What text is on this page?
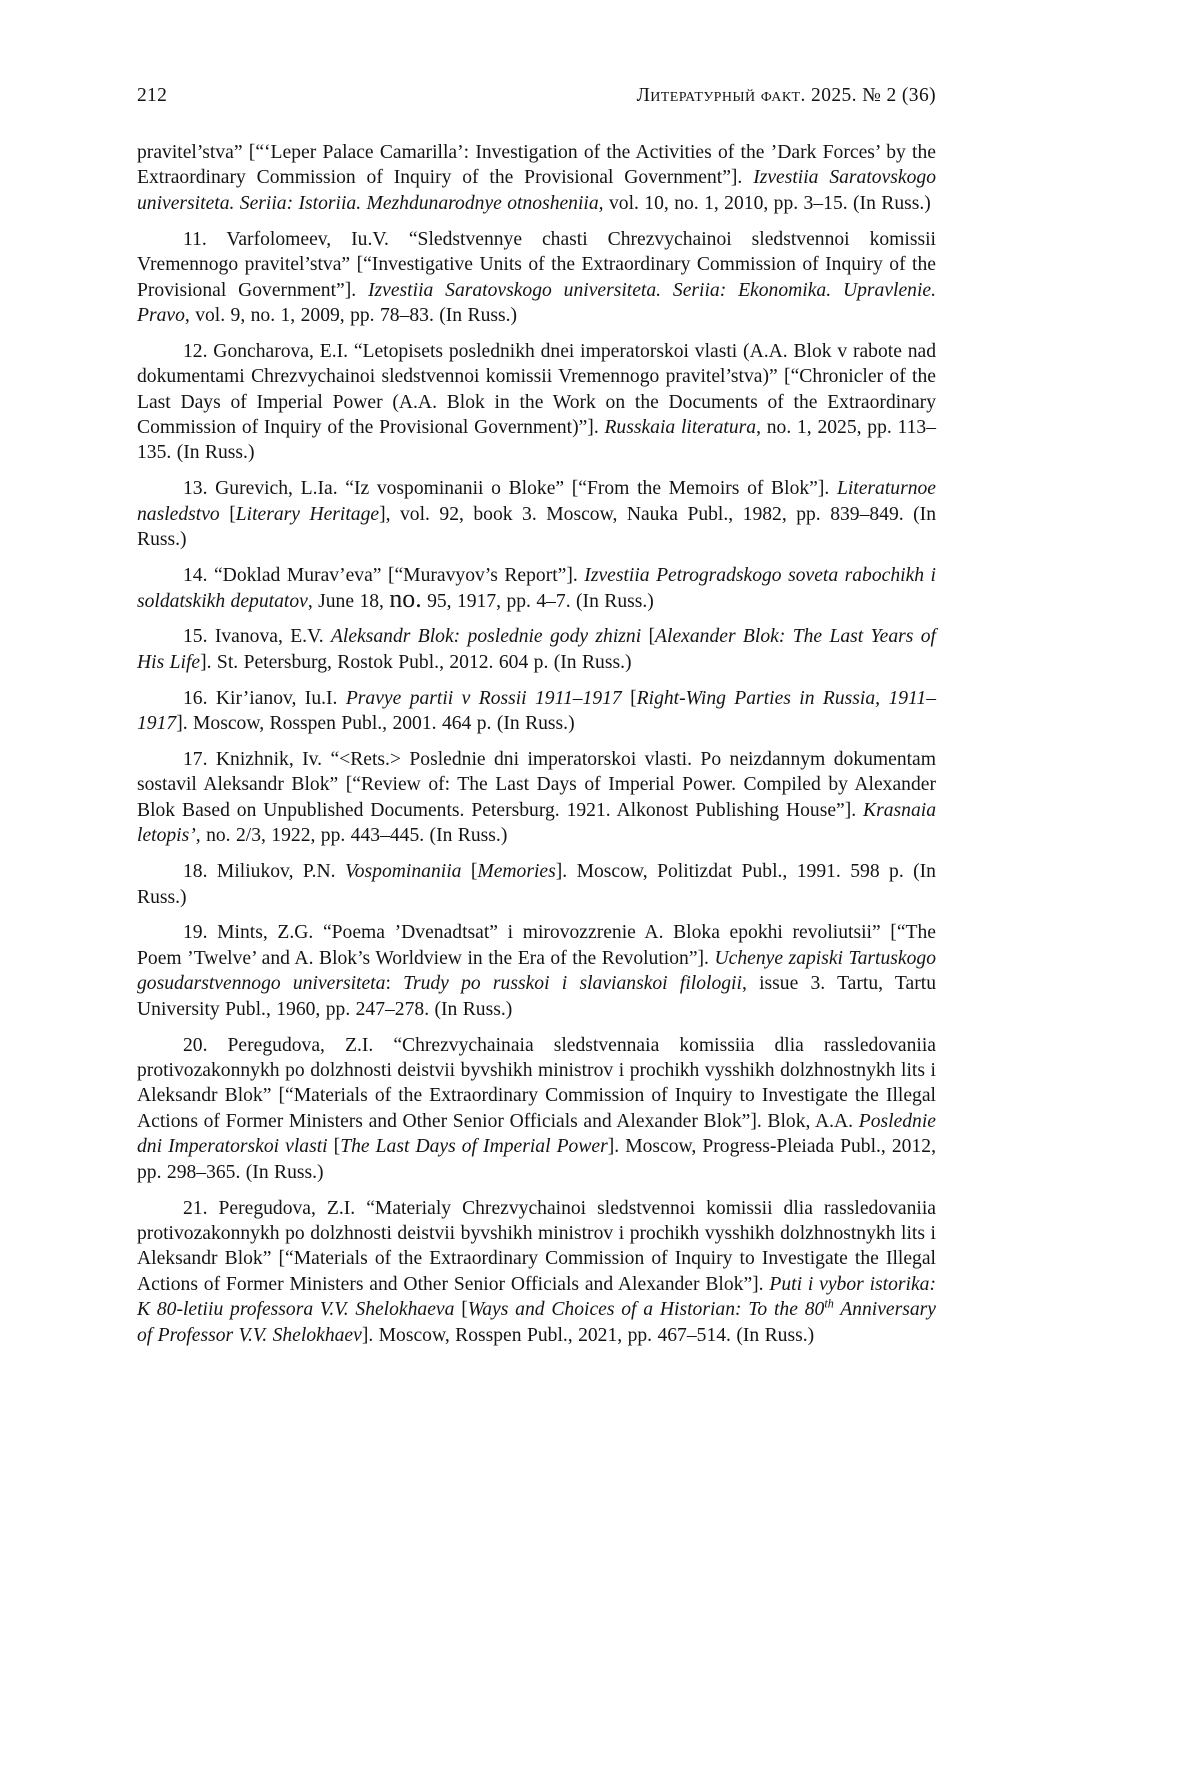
212	Литературный факт. 2025. № 2 (36)

pravitel’stva” [“‘Leper Palace Camarilla’: Investigation of the Activities of the ’Dark Forces’ by the Extraordinary Commission of Inquiry of the Provisional Government”]. Izvestiia Saratovskogo universiteta. Seriia: Istoriia. Mezhdunarodnye otnosheniia, vol. 10, no. 1, 2010, pp. 3–15. (In Russ.)

11. Varfolomeev, Iu.V. “Sledstvennye chasti Chrezvychainoi sledstvennoi komissii Vremennogo pravitel’stva” [“Investigative Units of the Extraordinary Commission of Inquiry of the Provisional Government”]. Izvestiia Saratovskogo universiteta. Seriia: Ekonomika. Upravlenie. Pravo, vol. 9, no. 1, 2009, pp. 78–83. (In Russ.)

12. Goncharova, E.I. “Letopisets poslednikh dnei imperatorskoi vlasti (A.A. Blok v rabote nad dokumentami Chrezvychainoi sledstvennoi komissii Vremennogo pravitel’stva)” [“Chronicler of the Last Days of Imperial Power (A.A. Blok in the Work on the Documents of the Extraordinary Commission of Inquiry of the Provisional Government)”]. Russkaia literatura, no. 1, 2025, pp. 113–135. (In Russ.)

13. Gurevich, L.Ia. “Iz vospominanii o Bloke” [“From the Memoirs of Blok”]. Literaturnoe nasledstvo [Literary Heritage], vol. 92, book 3. Moscow, Nauka Publ., 1982, pp. 839–849. (In Russ.)

14. “Doklad Murav’eva” [“Muravyov’s Report”]. Izvestiia Petrogradskogo soveta rabochikh i soldatskikh deputatov, June 18, no. 95, 1917, pp. 4–7. (In Russ.)

15. Ivanova, E.V. Aleksandr Blok: poslednie gody zhizni [Alexander Blok: The Last Years of His Life]. St. Petersburg, Rostok Publ., 2012. 604 p. (In Russ.)

16. Kir’ianov, Iu.I. Pravye partii v Rossii 1911–1917 [Right-Wing Parties in Russia, 1911–1917]. Moscow, Rosspen Publ., 2001. 464 p. (In Russ.)

17. Knizhnik, Iv. “<Rets.> Poslednie dni imperatorskoi vlasti. Po neizdannym dokumentam sostavil Aleksandr Blok” [“Review of: The Last Days of Imperial Power. Compiled by Alexander Blok Based on Unpublished Documents. Petersburg. 1921. Alkonost Publishing House”]. Krasnaia letopis’, no. 2/3, 1922, pp. 443–445. (In Russ.)

18. Miliukov, P.N. Vospominaniia [Memories]. Moscow, Politizdat Publ., 1991. 598 p. (In Russ.)

19. Mints, Z.G. “Poema ’Dvenadtsat” i mirovozzrenie A. Bloka epokhi revoliutsii” [“The Poem ’Twelve’ and A. Blok’s Worldview in the Era of the Revolution”]. Uchenye zapiski Tartuskogo gosudarstvennogo universiteta: Trudy po russkoi i slavianskoi filologii, issue 3. Tartu, Tartu University Publ., 1960, pp. 247–278. (In Russ.)

20. Peregudova, Z.I. “Chrezvychainaia sledstvennaia komissiia dlia rassledovaniia protivozakonnykh po dolzhnosti deistvii byvshikh ministrov i prochikh vysshikh dolzhnostnykh lits i Aleksandr Blok” [“Materials of the Extraordinary Commission of Inquiry to Investigate the Illegal Actions of Former Ministers and Other Senior Officials and Alexander Blok”]. Blok, A.A. Poslednie dni Imperatorskoi vlasti [The Last Days of Imperial Power]. Moscow, Progress-Pleiada Publ., 2012, pp. 298–365. (In Russ.)

21. Peregudova, Z.I. “Materialy Chrezvychainoi sledstvennoi komissii dlia rassledovaniia protivozakonnykh po dolzhnosti deistvii byvshikh ministrov i prochikh vysshikh dolzhnostnykh lits i Aleksandr Blok” [“Materials of the Extraordinary Commission of Inquiry to Investigate the Illegal Actions of Former Ministers and Other Senior Officials and Alexander Blok”]. Puti i vybor istorika: K 80-letiiu professora V.V. Shelokhaeva [Ways and Choices of a Historian: To the 80th Anniversary of Professor V.V. Shelokhaev]. Moscow, Rosspen Publ., 2021, pp. 467–514. (In Russ.)
